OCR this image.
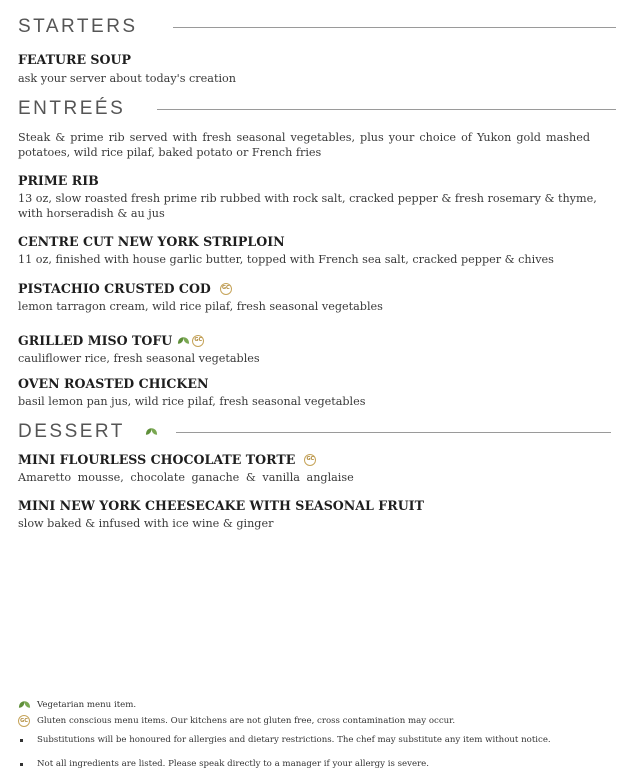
STARTERS
FEATURE SOUP
ask your server about today's creation
ENTREÉS
Steak & prime rib served with fresh seasonal vegetables, plus your choice of Yukon gold mashed potatoes, wild rice pilaf, baked potato or French fries
PRIME RIB
13 oz, slow roasted fresh prime rib rubbed with rock salt, cracked pepper & fresh rosemary & thyme,
with horseradish & au jus
CENTRE CUT NEW YORK STRIPLOIN
11 oz, finished with house garlic butter, topped with French sea salt, cracked pepper & chives
PISTACHIO CRUSTED COD	GC
lemon tarragon cream, wild rice pilaf, fresh seasonal vegetables
GRILLED MISO TOFU	GC
cauliflower rice, fresh seasonal vegetables
OVEN ROASTED CHICKEN
basil lemon pan jus, wild rice pilaf, fresh seasonal vegetables
DESSERT
MINI FLOURLESS CHOCOLATE TORTE	GC
Amaretto mousse, chocolate ganache & vanilla anglaise
MINI NEW YORK CHEESECAKE WITH SEASONAL FRUIT
slow baked & infused with ice wine & ginger
Vegetarian menu item.
GC Gluten conscious menu items. Our kitchens are not gluten free, cross contamination may occur.
Substitutions will be honoured for allergies and dietary restrictions. The chef may substitute any item without notice.
Not all ingredients are listed. Please speak directly to a manager if your allergy is severe.
